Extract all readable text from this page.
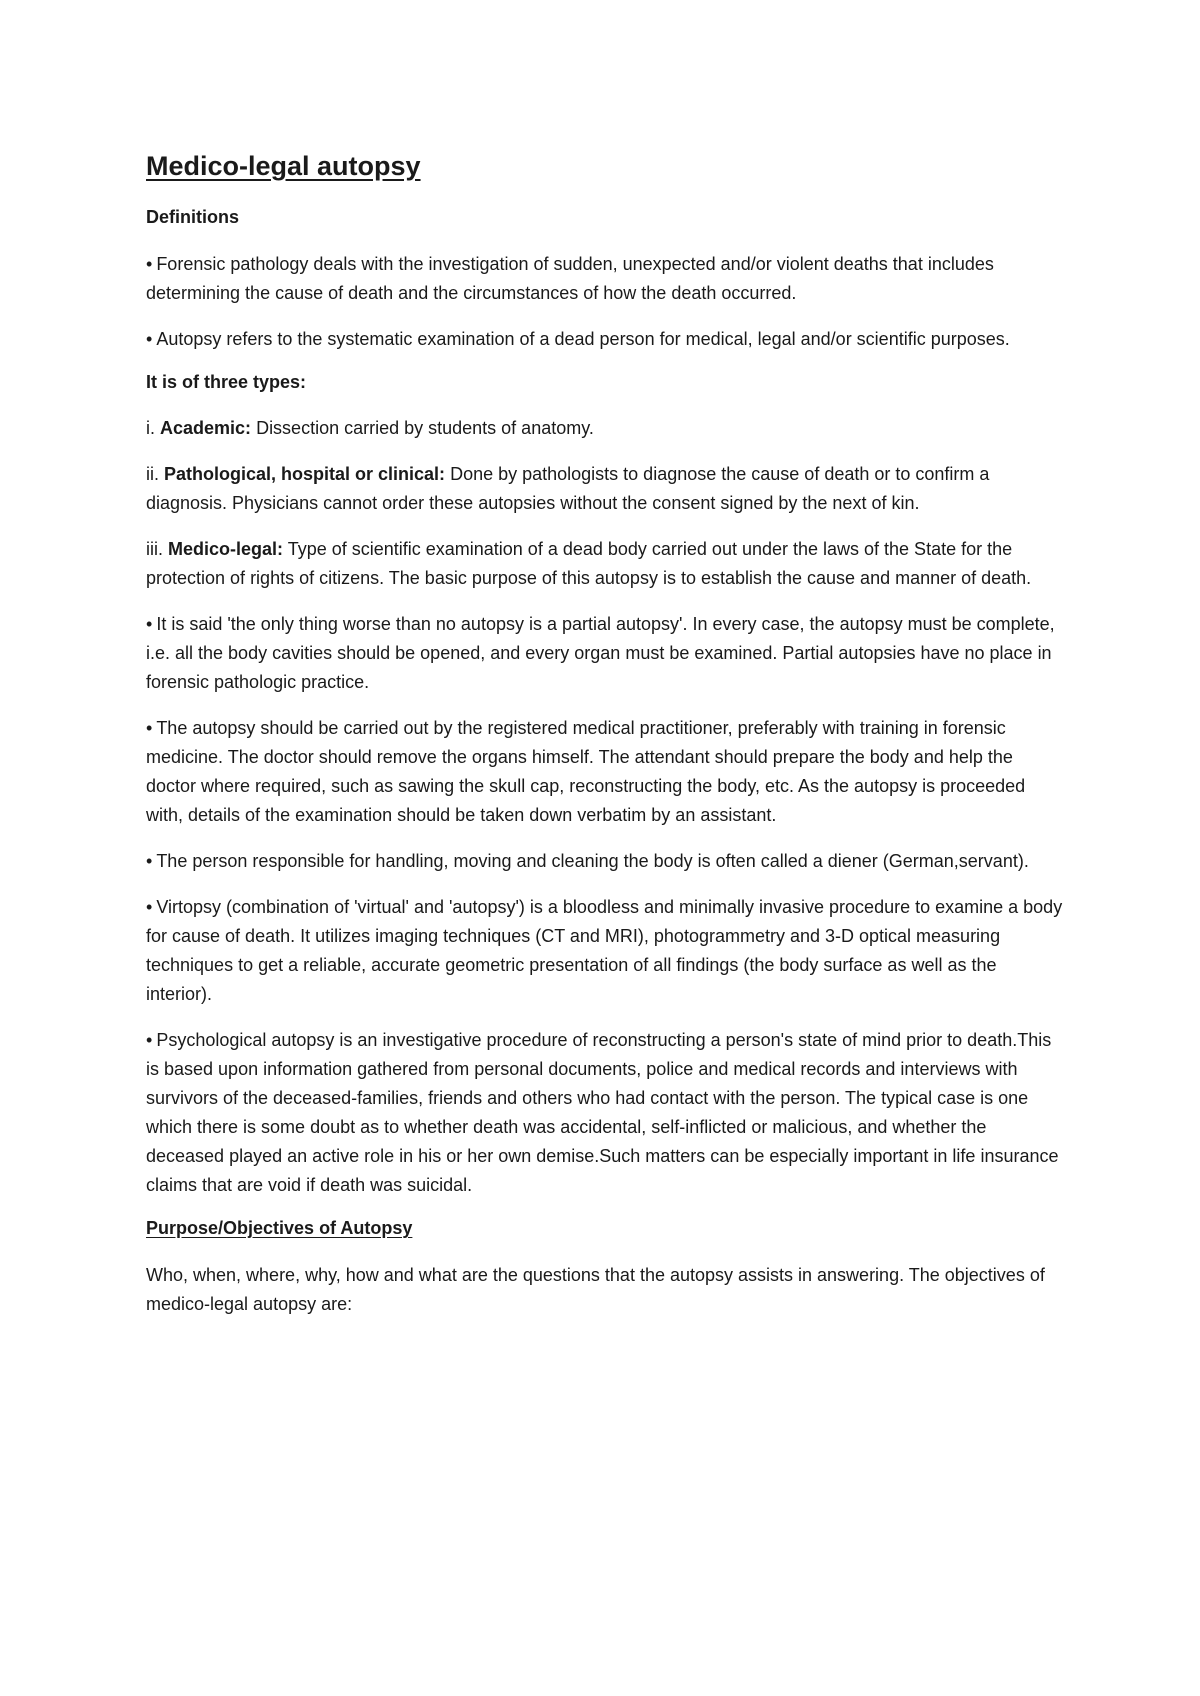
Medico-legal autopsy
Definitions

• Forensic pathology deals with the investigation of sudden, unexpected and/or violent deaths that includes determining the cause of death and the circumstances of how the death occurred.

• Autopsy refers to the systematic examination of a dead person for medical, legal and/or scientific purposes.

It is of three types:

i. Academic: Dissection carried by students of anatomy.

ii. Pathological, hospital or clinical: Done by pathologists to diagnose the cause of death or to confirm a diagnosis. Physicians cannot order these autopsies without the consent signed by the next of kin.

iii. Medico-legal: Type of scientific examination of a dead body carried out under the laws of the State for the protection of rights of citizens. The basic purpose of this autopsy is to establish the cause and manner of death.

• It is said 'the only thing worse than no autopsy is a partial autopsy'. In every case, the autopsy must be complete, i.e. all the body cavities should be opened, and every organ must be examined. Partial autopsies have no place in forensic pathologic practice.

• The autopsy should be carried out by the registered medical practitioner, preferably with training in forensic medicine. The doctor should remove the organs himself. The attendant should prepare the body and help the doctor where required, such as sawing the skull cap, reconstructing the body, etc. As the autopsy is proceeded with, details of the examination should be taken down verbatim by an assistant.

• The person responsible for handling, moving and cleaning the body is often called a diener (German,servant).

• Virtopsy (combination of 'virtual' and 'autopsy') is a bloodless and minimally invasive procedure to examine a body for cause of death. It utilizes imaging techniques (CT and MRI), photogrammetry and 3-D optical measuring techniques to get a reliable, accurate geometric presentation of all findings (the body surface as well as the interior).

• Psychological autopsy is an investigative procedure of reconstructing a person's state of mind prior to death.This is based upon information gathered from personal documents, police and medical records and interviews with survivors of the deceased-families, friends and others who had contact with the person. The typical case is one which there is some doubt as to whether death was accidental, self-inflicted or malicious, and whether the deceased played an active role in his or her own demise.Such matters can be especially important in life insurance claims that are void if death was suicidal.

Purpose/Objectives of Autopsy

Who, when, where, why, how and what are the questions that the autopsy assists in answering. The objectives of medico-legal autopsy are:
